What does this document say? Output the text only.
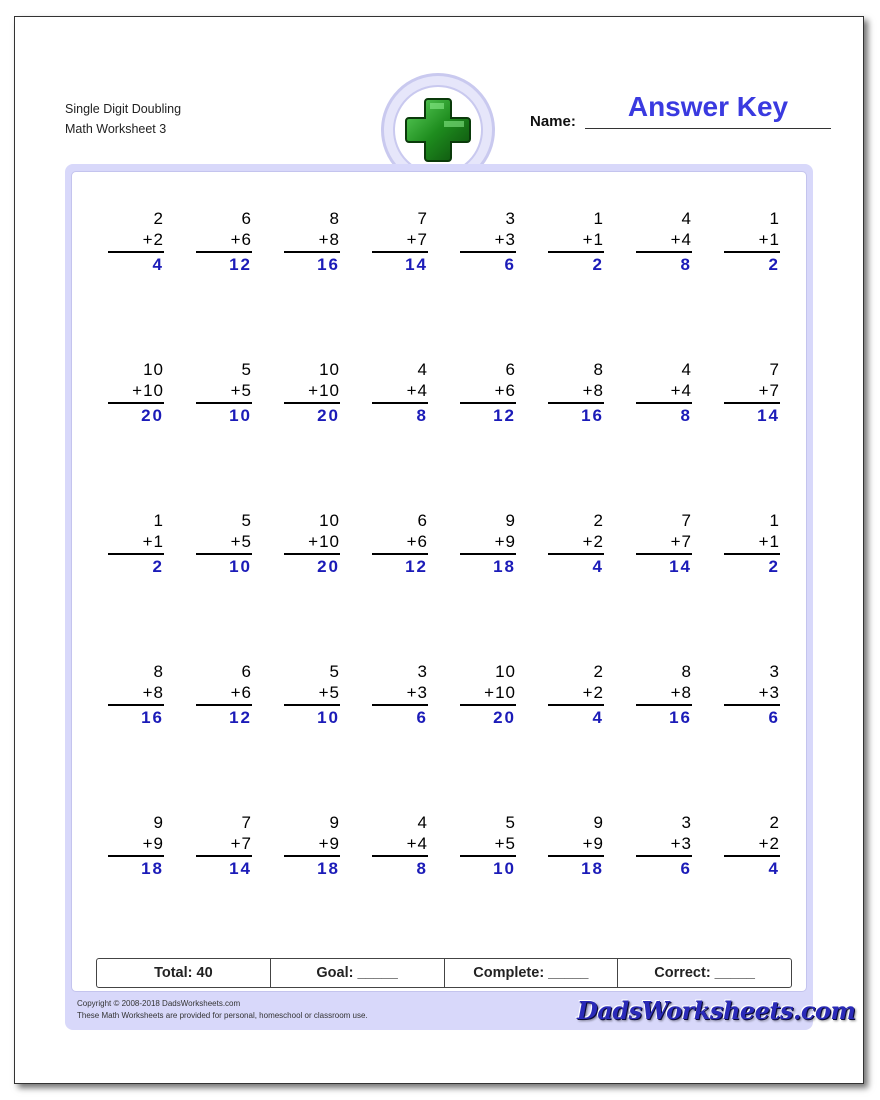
Single Digit Doubling
Math Worksheet 3	Name:	Answer Key
2
+2
4
6
+6
12
8
+8
16
7
+7
14
3
+3
6
1
+1
2
4
+4
8
1
+1
2
10
+10
20
5
+5
10
10
+10
20
4
+4
8
6
+6
12
8
+8
16
4
+4
8
7
+7
14
1
+1
2
5
+5
10
10
+10
20
6
+6
12
9
+9
18
2
+2
4
7
+7
14
1
+1
2
8
+8
16
6
+6
12
5
+5
10
3
+3
6
10
+10
20
2
+2
4
8
+8
16
3
+3
6
9
+9
18
7
+7
14
9
+9
18
4
+4
8
5
+5
10
9
+9
18
3
+3
6
2
+2
4
Total: 40	Goal: _____	Complete: _____	Correct: _____
Copyright © 2008-2018 DadsWorksheets.com
These Math Worksheets are provided for personal, homeschool or classroom use.	DadsWorksheets.com
